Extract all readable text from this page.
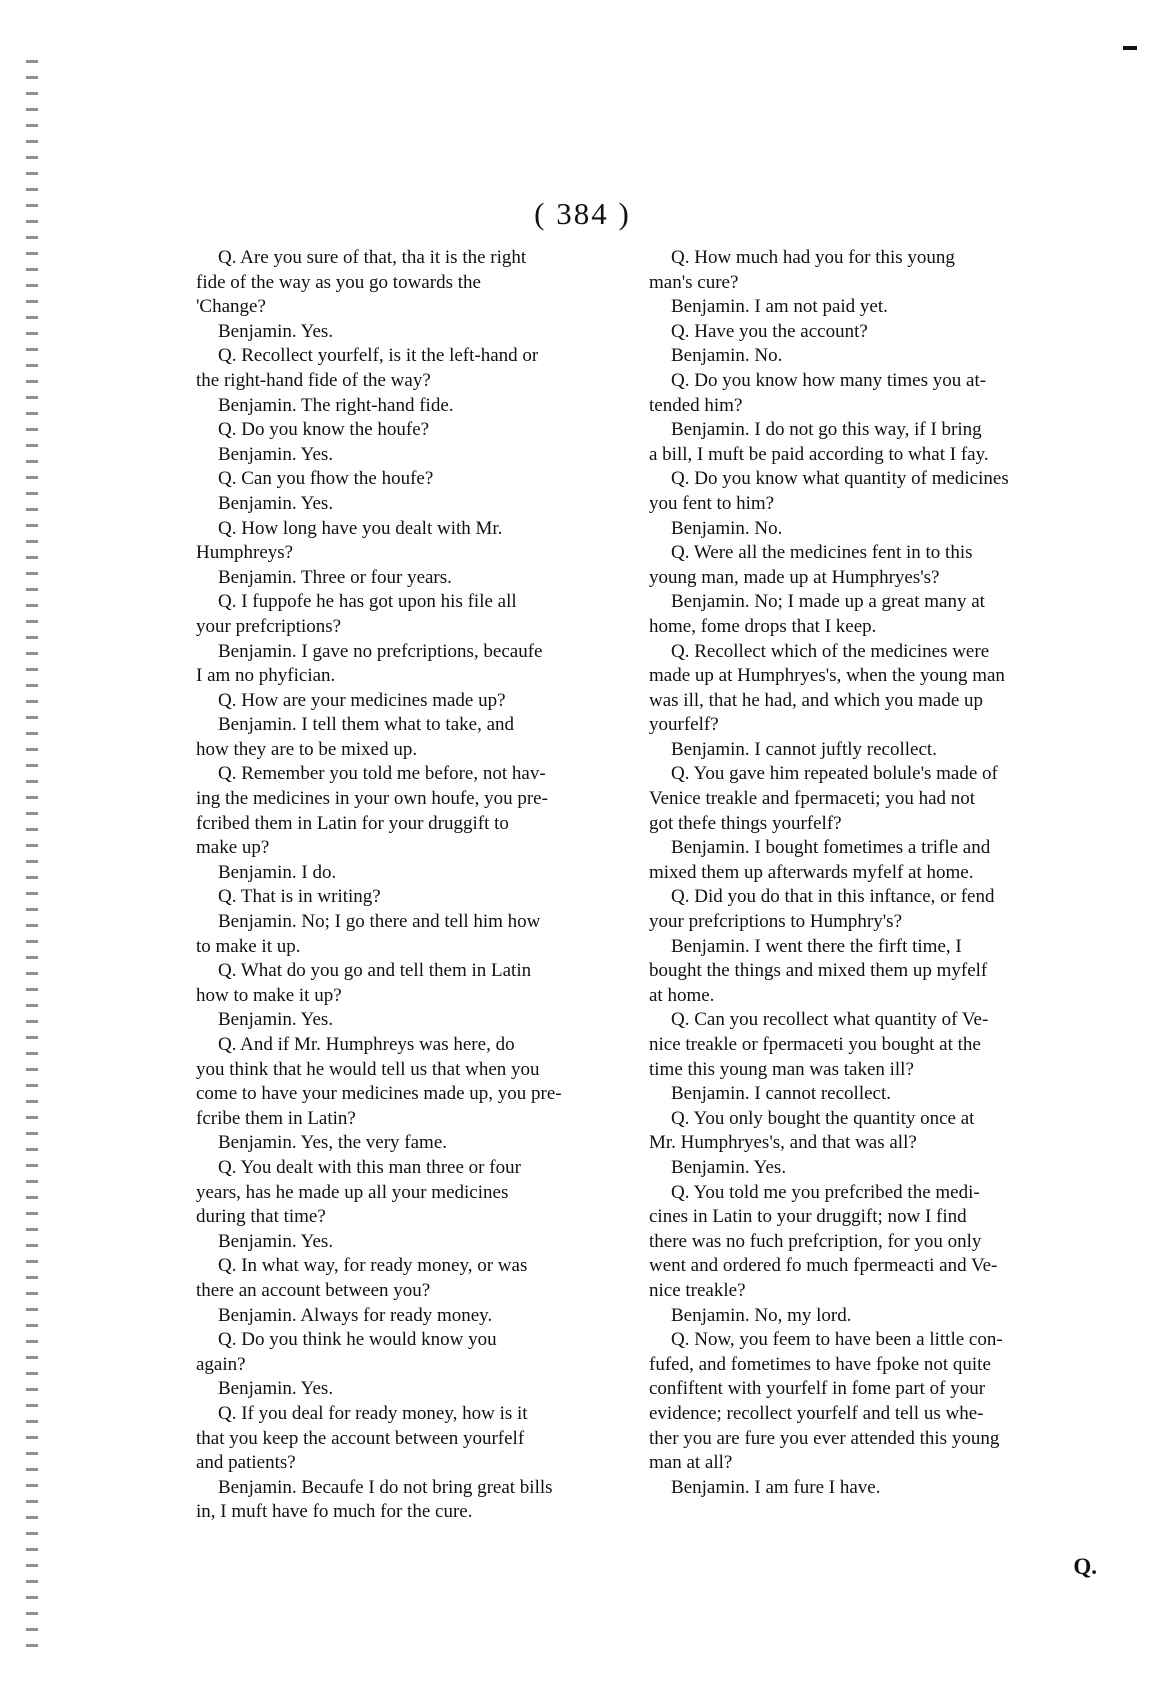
( 384 )
Q. Are you sure of that, tha it is the right
fide of the way as you go towards the
'Change?
Benjamin. Yes.
Q. Recollect yourfelf, is it the left-hand or
the right-hand fide of the way?
Benjamin. The right-hand fide.
Q. Do you know the houfe?
Benjamin. Yes.
Q. Can you fhow the houfe?
Benjamin. Yes.
Q. How long have you dealt with Mr.
Humphreys?
Benjamin. Three or four years.
Q. I fuppofe he has got upon his file all
your prefcriptions?
Benjamin. I gave no prefcriptions, becaufe
I am no phyfician.
Q. How are your medicines made up?
Benjamin. I tell them what to take, and
how they are to be mixed up.
Q. Remember you told me before, not hav-
ing the medicines in your own houfe, you pre-
fcribed them in Latin for your druggift to
make up?
Benjamin. I do.
Q. That is in writing?
Benjamin. No; I go there and tell him how
to make it up.
Q. What do you go and tell them in Latin
how to make it up?
Benjamin. Yes.
Q. And if Mr. Humphreys was here, do
you think that he would tell us that when you
come to have your medicines made up, you pre-
fcribe them in Latin?
Benjamin. Yes, the very fame.
Q. You dealt with this man three or four
years, has he made up all your medicines
during that time?
Benjamin. Yes.
Q. In what way, for ready money, or was
there an account between you?
Benjamin. Always for ready money.
Q. Do you think he would know you
again?
Benjamin. Yes.
Q. If you deal for ready money, how is it
that you keep the account between yourfelf
and patients?
Benjamin. Becaufe I do not bring great bills
in, I muft have fo much for the cure.
Q. How much had you for this young
man's cure?
Benjamin. I am not paid yet.
Q. Have you the account?
Benjamin. No.
Q. Do you know how many times you at-
tended him?
Benjamin. I do not go this way, if I bring
a bill, I muft be paid according to what I fay.
Q. Do you know what quantity of medicines
you fent to him?
Benjamin. No.
Q. Were all the medicines fent in to this
young man, made up at Humphryes's?
Benjamin. No; I made up a great many at
home, fome drops that I keep.
Q. Recollect which of the medicines were
made up at Humphryes's, when the young man
was ill, that he had, and which you made up
yourfelf?
Benjamin. I cannot juftly recollect.
Q. You gave him repeated bolule's made of
Venice treakle and fpermaceti; you had not
got thefe things yourfelf?
Benjamin. I bought fometimes a trifle and
mixed them up afterwards myfelf at home.
Q. Did you do that in this inftance, or fend
your prefcriptions to Humphry's?
Benjamin. I went there the firft time, I
bought the things and mixed them up myfelf
at home.
Q. Can you recollect what quantity of Ve-
nice treakle or fpermaceti you bought at the
time this young man was taken ill?
Benjamin. I cannot recollect.
Q. You only bought the quantity once at
Mr. Humphryes's, and that was all?
Benjamin. Yes.
Q. You told me you prefcribed the medi-
cines in Latin to your druggift; now I find
there was no fuch prefcription, for you only
went and ordered fo much fpermeacti and Ve-
nice treakle?
Benjamin. No, my lord.
Q. Now, you feem to have been a little con-
fufed, and fometimes to have fpoke not quite
confiftent with yourfelf in fome part of your
evidence; recollect yourfelf and tell us whe-
ther you are fure you ever attended this young
man at all?
Benjamin. I am fure I have.
Q.
